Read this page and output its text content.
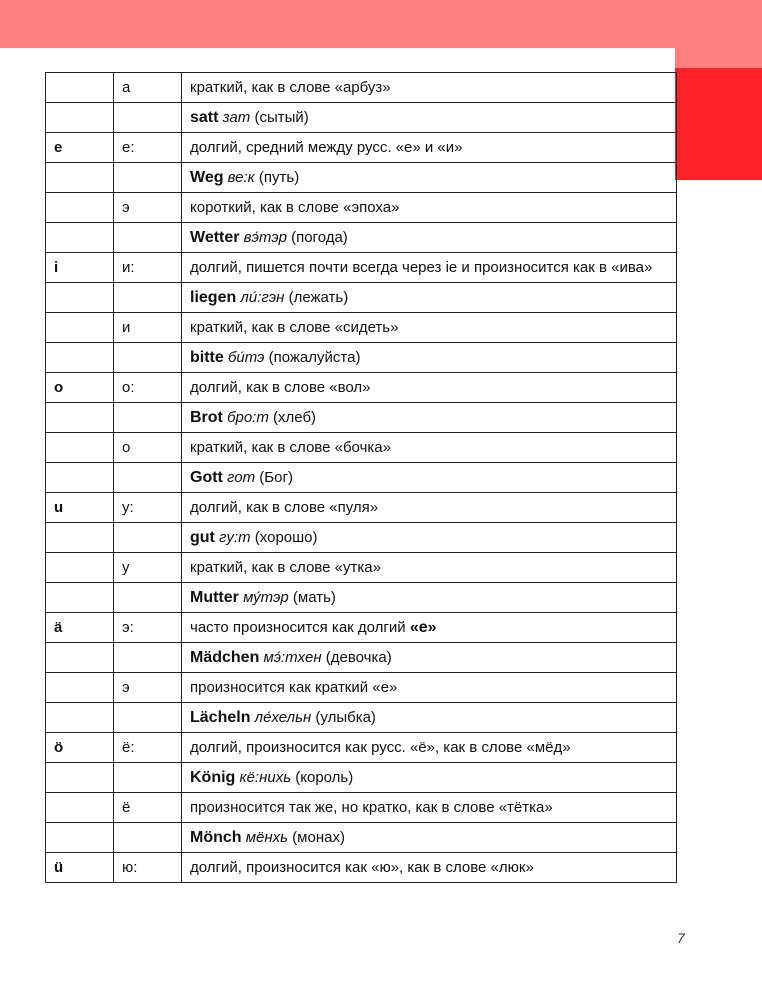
	а	краткий, как в слове «арбуз»
		satt зат (сытый)
e	е:	долгий, средний между русс. «е» и «и»
		Weg ве:к (путь)
	э	короткий, как в слове «эпоха»
		Wetter вэ́тэр (погода)
i	и:	долгий, пишется почти всегда через ie и произносится как в «ива»
		liegen ли́:гэн (лежать)
	и	краткий, как в слове «сидеть»
		bitte би́тэ (пожалуйста)
o	о:	долгий, как в слове «вол»
		Brot бро:т (хлеб)
	о	краткий, как в слове «бочка»
		Gott гот (Бог)
u	у:	долгий, как в слове «пуля»
		gut гу:т (хорошо)
	у	краткий, как в слове «утка»
		Mutter му́тэр (мать)
ä	э:	часто произносится как долгий «е»
		Mädchen мэ́:тхен (девочка)
	э	произносится как краткий «е»
		Lächeln ле́хельн (улыбка)
ö	ё:	долгий, произносится как русс. «ё», как в слове «мёд»
		König кё:нихь (король)
	ё	произносится так же, но кратко, как в слове «тётка»
		Mönch мёнхь (монах)
ü	ю:	долгий, произносится как «ю», как в слове «люк»
7
